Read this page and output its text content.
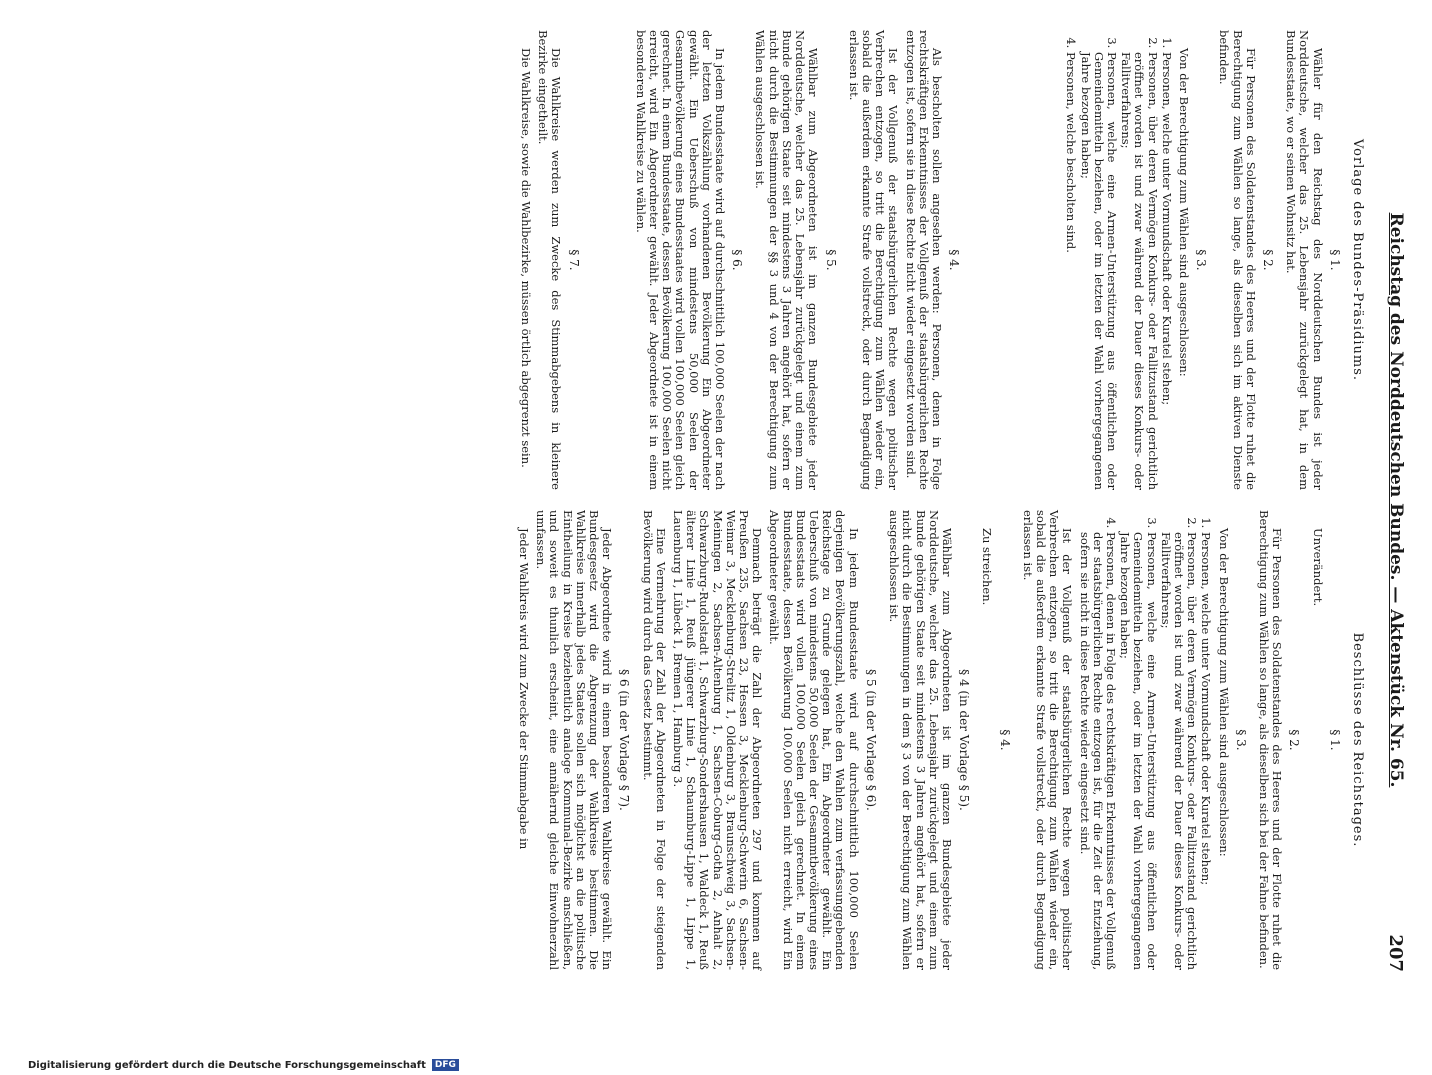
Reichstag des Norddeutschen Bundes. — Aktenstück Nr. 65.
207
Vorlage des Bundes-Präsidiums.
§ 1.

Wähler für den Reichstag des Norddeutschen Bundes ist jeder Norddeutsche, welcher das 25. Lebensjahr zurückgelegt hat, in dem Bundesstaate, wo er seinen Wohnsitz hat.

§ 2.

Für Personen des Soldatenstandes des Heeres und der Flotte ruhet die Berechtigung zum Wählen so lange, als dieselben sich im aktiven Dienste befinden.

§ 3.

Von der Berechtigung zum Wählen sind ausgeschlossen:

1. Personen, welche unter Vormundschaft oder Kuratel stehen;
2. Personen, über deren Vermögen Konkurs- oder Fallitzustand gerichtlich eröffnet worden ist und zwar während der Dauer dieses Konkurs- oder Fallitverfahrens;
3. Personen, welche eine Armen-Unterstützung aus öffentlichen oder Gemeindemitteln beziehen, oder im letzten der Wahl vorhergegangenen Jahre bezogen haben;
4. Personen, welche bescholten sind.
§ 4.

Als bescholten sollen angesehen werden: Personen, denen in Folge rechtskräftigen Erkenntnisses der Vollgenuß der staatsbürgerlichen Rechte entzogen ist, sofern sie in diese Rechte nicht wieder eingesetzt worden sind.

Ist der Vollgenuß der staatsbürgerlichen Rechte wegen politischer Verbrechen entzogen, so tritt die Berechtigung zum Wählen wieder ein, sobald die außerdem erkannte Strafe vollstreckt, oder durch Begnadigung erlassen ist.

§ 5.

Wählbar zum Abgeordneten ist im ganzen Bundesgebiete jeder Norddeutsche, welcher das 25. Lebensjahr zurückgelegt und einem zum Bunde gehörigen Staate seit mindestens 3 Jahren angehört hat, sofern er nicht durch die Bestimmungen der §§ 3 und 4 von der Berechtigung zum Wählen ausgeschlossen ist.

§ 6.

In jedem Bundesstaate wird auf durchschnittlich 100,000 Seelen der nach der letzten Volkszählung vorhandenen Bevölkerung Ein Abgeordneter gewählt. Ein Ueberschuß von mindestens 50,000 Seelen der Gesammtbevölkerung eines Bundesstaates wird vollen 100,000 Seelen gleich gerechnet. In einem Bundesstaate, dessen Bevölkerung 100,000 Seelen nicht erreicht, wird Ein Abgeordneter gewählt. Jeder Abgeordnete ist in einem besonderen Wahlkreise zu wählen.

§ 7.

Die Wahlkreise werden zum Zwecke des Stimmabgebens in kleinere Bezirke eingetheilt.

Die Wahlkreise, sowie die Wahlbezirke, müssen örtlich abgegrenzt sein.

Beschlüsse des Reichstages.
§ 1.

Unverändert.

§ 2.

Für Personen des Soldatenstandes des Heeres und der Flotte ruhet die Berechtigung zum Wählen so lange, als dieselben sich bei der Fahne befinden.

§ 3.

Von der Berechtigung zum Wählen sind ausgeschlossen:

1. Personen, welche unter Vormundschaft oder Kuratel stehen;
2. Personen, über deren Vermögen Konkurs- oder Fallitzustand gerichtlich eröffnet worden ist und zwar während der Dauer dieses Konkurs- oder Fallitverfahrens;
3. Personen, welche eine Armen-Unterstützung aus öffentlichen oder Gemeindemitteln beziehen, oder im letzten der Wahl vorhergegangenen Jahre bezogen haben;
4. Personen, denen in Folge des rechtskräftigen Erkenntnisses der Vollgenuß der staatsbürgerlichen Rechte entzogen ist, für die Zeit der Entziehung, sofern sie nicht in diese Rechte wieder eingesetzt sind.

Ist der Vollgenuß der staatsbürgerlichen Rechte wegen politischer Verbrechen entzogen, so tritt die Berechtigung zum Wählen wieder ein, sobald die außerdem erkannte Strafe vollstreckt, oder durch Begnadigung erlassen ist.

§ 4.

Zu streichen.

§ 4 (in der Vorlage § 5).

Wählbar zum Abgeordneten ist im ganzen Bundesgebiete jeder Norddeutsche, welcher das 25. Lebensjahr zurückgelegt und einem zum Bunde gehörigen Staate seit mindestens 3 Jahren angehört hat, sofern er nicht durch die Bestimmungen in dem § 3 von der Berechtigung zum Wählen ausgeschlossen ist.

§ 5 (in der Vorlage § 6).

In jedem Bundesstaate wird auf durchschnittlich 100,000 Seelen derjenigen Bevölkerungszahl, welche den Wahlen zum verfassunggebenden Reichstage zu Grunde gelegen hat, Ein Abgeordneter gewählt. Ein Ueberschuß von mindestens 50,000 Seelen der Gesammtbevölkerung eines Bundesstaats wird vollen 100,000 Seelen gleich gerechnet. In einem Bundesstaate, dessen Bevölkerung 100,000 Seelen nicht erreicht, wird Ein Abgeordneter gewählt.

Demnach beträgt die Zahl der Abgeordneten 297 und kommen auf Preußen 235, Sachsen 23, Hessen 3, Mecklenburg-Schwerin 6, Sachsen-Weimar 3, Mecklenburg-Strelitz 1, Oldenburg 3, Braunschweig 3, Sachsen-Meiningen 2, Sachsen-Altenburg 1, Sachsen-Coburg-Gotha 2, Anhalt 2, Schwarzburg-Rudolstadt 1, Schwarzburg-Sondershausen 1, Waldeck 1, Reuß älterer Linie 1, Reuß jüngerer Linie 1, Schaumburg-Lippe 1, Lippe 1, Lauenburg 1, Lübeck 1, Bremen 1, Hamburg 3.

Eine Vermehrung der Zahl der Abgeordneten in Folge der steigenden Bevölkerung wird durch das Gesetz bestimmt.

§ 6 (in der Vorlage § 7).

Jeder Abgeordnete wird in einem besonderen Wahlkreise gewählt. Ein Bundesgesetz wird die Abgrenzung der Wahlkreise bestimmen. Die Wahlkreise innerhalb jedes Staates sollen sich möglichst an die politische Eintheilung in Kreise beziehentlich analoge Kommunal-Bezirke anschließen, und soweit es thunlich erscheint, eine annähernd gleiche Einwohnerzahl umfassen.

Jeder Wahlkreis wird zum Zwecke der Stimmabgabe in

Digitalisierung gefördert durch die Deutsche Forschungsgemeinschaft	DFG
